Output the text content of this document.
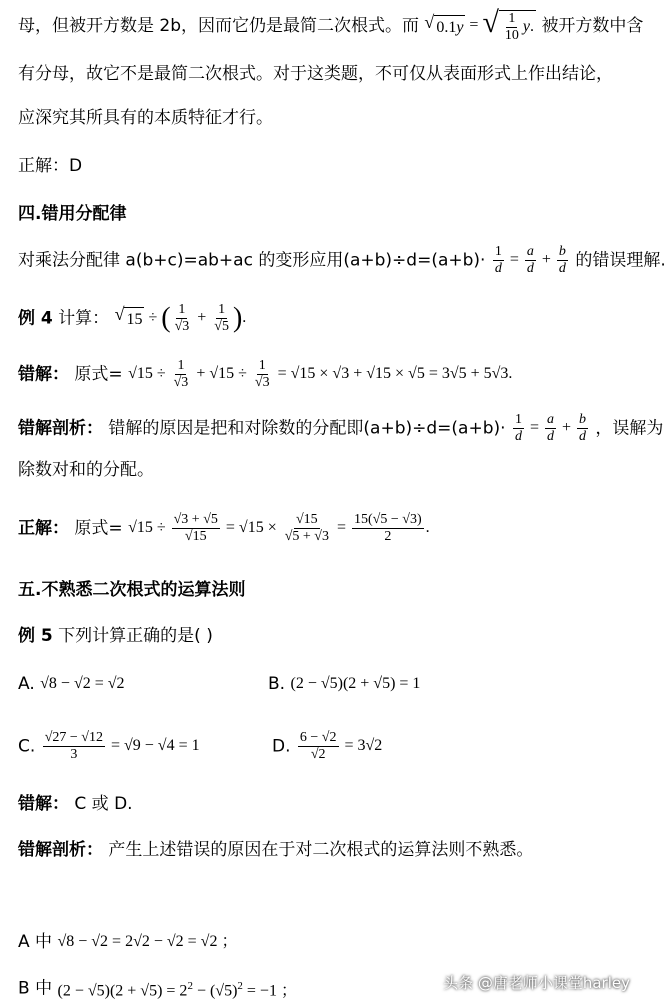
母，但被开方数是 2b，因而它仍是最简二次根式。而 √ 0.1y = √ $\frac{1}{10} y$. 被开方数中含
有分母，故它不是最简二次根式。对于这类题，不可仅从表面形式上作出结论，
应深究其所具有的本质特征才行。
正解：D
四.错用分配律
对乘法分配律 a(b+c)=ab+ac 的变形应用$(a+b)\div d=(a+b)\cdot \frac{1}{d} = \frac{a}{d} + \frac{b}{d}$ 的错误理解.
例 4 计算： √ 15 ÷ ( $\frac{1}{√3} + \frac{1}{√5}$ ).
错解： 原式= $√15 \div \frac{1}{√3} + √15 \div \frac{1}{√3} = √15 \times √3 + √15 \times √5 = 3√5 + 5√3$.
错解剖析： 错解的原因是把和对除数的分配即$(a+b)\div d=(a+b)\cdot \frac{1}{d} = \frac{a}{d} + \frac{b}{d}$ ，误解为
除数对和的分配。
正解： 原式= $√15 \div \frac{√3 + √5}{√15} = √15 \times \frac{√15}{√5 + √3} = \frac{15(√5 - √3)}{2}$ .
五.不熟悉二次根式的运算法则
例 5 下列计算正确的是( )
A. √8 − √2 = √2	B. (2 − √5)(2 + √5) = 1
C. $\frac{√27 - √12}{3} = √9 - √4 = 1$	D. $\frac{6 - √2}{√2} = 3√2$
错解： C 或 D.
错解剖析： 产生上述错误的原因在于对二次根式的运算法则不熟悉。
A 中 √8 − √2 = 2√2 − √2 = √2 ；
B 中 $(2 - √5)(2 + √5) = 2^2 - (√5)^2 = -1$ ；	头条 @唐老师小课堂harley
